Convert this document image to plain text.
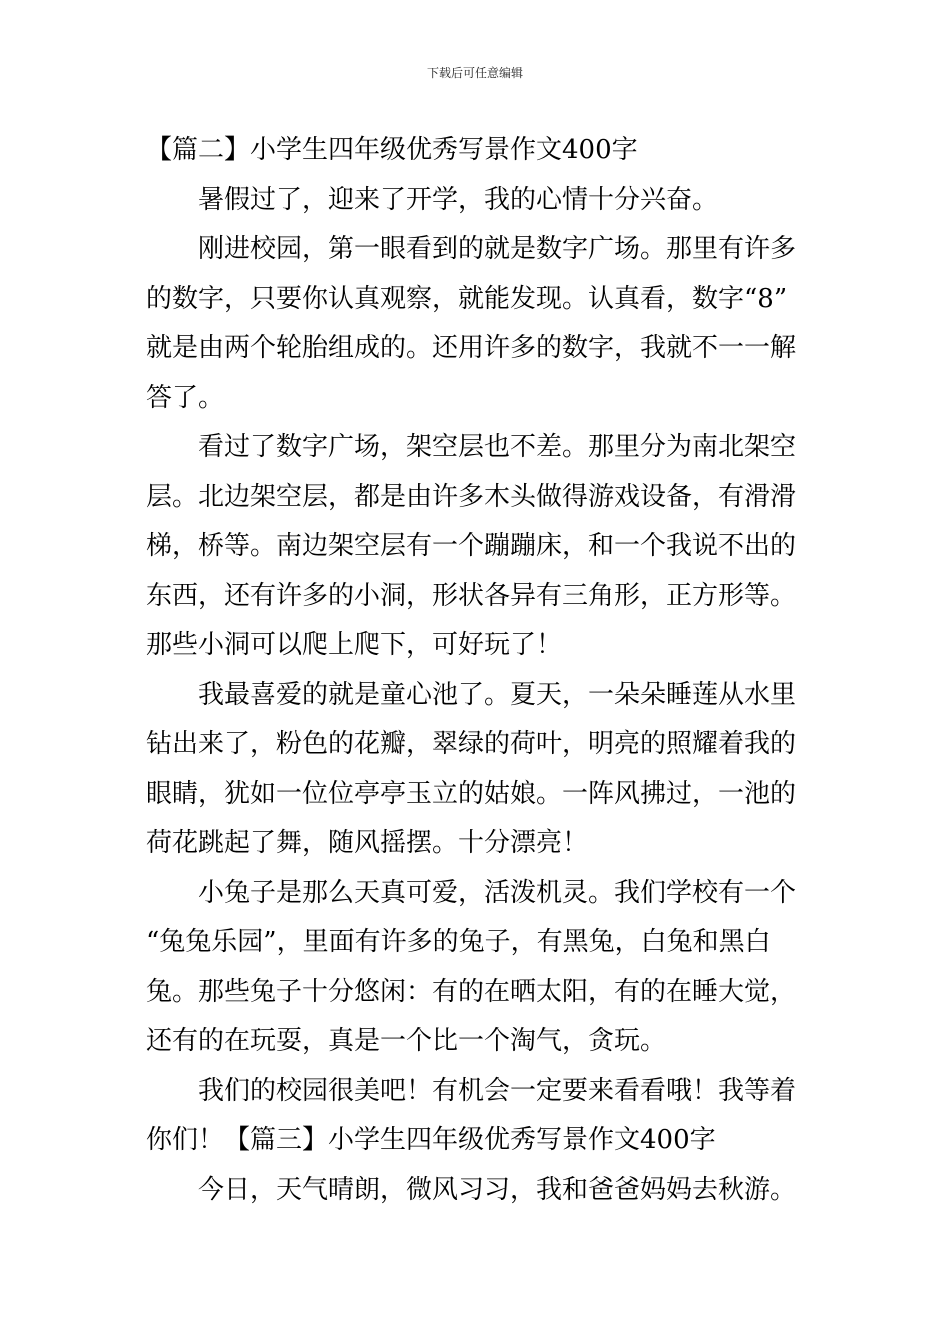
下载后可任意编辑
【篇二】小学生四年级优秀写景作文400字
暑假过了，迎来了开学，我的心情十分兴奋。
刚进校园，第一眼看到的就是数字广场。那里有许多
的数字，只要你认真观察，就能发现。认真看，数字“8”
就是由两个轮胎组成的。还用许多的数字，我就不一一解
答了。
看过了数字广场，架空层也不差。那里分为南北架空
层。北边架空层，都是由许多木头做得游戏设备，有滑滑
梯，桥等。南边架空层有一个蹦蹦床，和一个我说不出的
东西，还有许多的小洞，形状各异有三角形，正方形等。
那些小洞可以爬上爬下，可好玩了！
我最喜爱的就是童心池了。夏天，一朵朵睡莲从水里
钻出来了，粉色的花瓣，翠绿的荷叶，明亮的照耀着我的
眼睛，犹如一位位亭亭玉立的姑娘。一阵风拂过，一池的
荷花跳起了舞，随风摇摆。十分漂亮！
小兔子是那么天真可爱，活泼机灵。我们学校有一个
“兔兔乐园”，里面有许多的兔子，有黑兔，白兔和黑白
兔。那些兔子十分悠闲：有的在晒太阳，有的在睡大觉，
还有的在玩耍，真是一个比一个淘气，贪玩。
我们的校园很美吧！有机会一定要来看看哦！我等着
你们！【篇三】小学生四年级优秀写景作文400字
今日，天气晴朗，微风习习，我和爸爸妈妈去秋游。
